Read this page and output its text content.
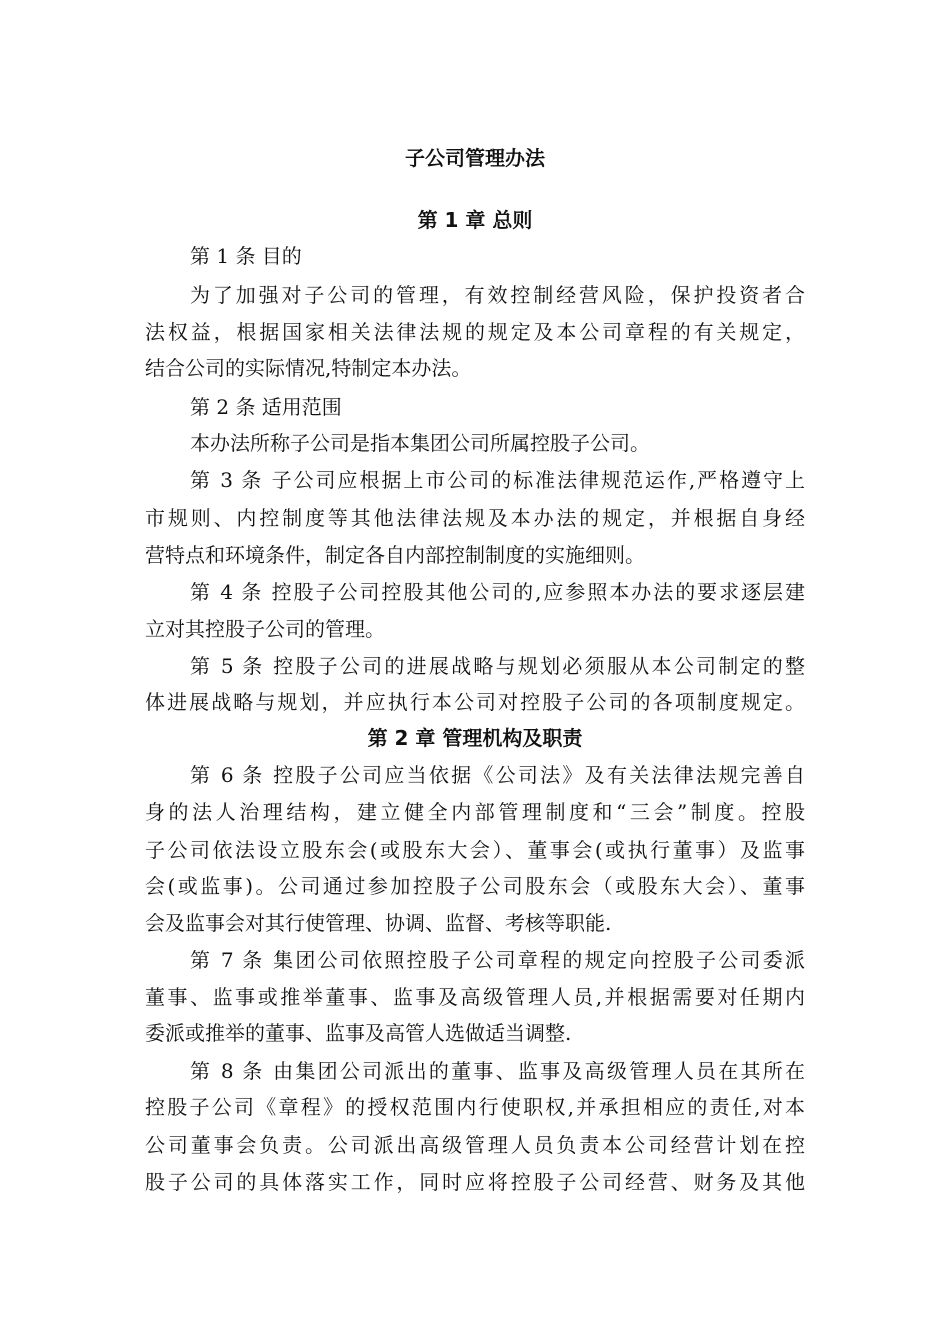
子公司管理办法
第 1 章 总则
第 1 条 目的
为了加强对子公司的管理，有效控制经营风险，保护投资者合
法权益，根据国家相关法律法规的规定及本公司章程的有关规定，
结合公司的实际情况,特制定本办法。
第 2 条 适用范围
本办法所称子公司是指本集团公司所属控股子公司。
第 3 条 子公司应根据上市公司的标准法律规范运作,严格遵守上
市规则、内控制度等其他法律法规及本办法的规定，并根据自身经
营特点和环境条件，制定各自内部控制制度的实施细则。
第 4 条 控股子公司控股其他公司的,应参照本办法的要求逐层建
立对其控股子公司的管理。
第 5 条 控股子公司的进展战略与规划必须服从本公司制定的整
体进展战略与规划，并应执行本公司对控股子公司的各项制度规定。
第 2 章 管理机构及职责
第 6 条 控股子公司应当依据《公司法》及有关法律法规完善自
身的法人治理结构，建立健全内部管理制度和“三会”制度。控股
子公司依法设立股东会(或股东大会）、董事会(或执行董事）及监事
会(或监事)。公司通过参加控股子公司股东会（或股东大会）、董事
会及监事会对其行使管理、协调、监督、考核等职能.
第 7 条 集团公司依照控股子公司章程的规定向控股子公司委派
董事、监事或推举董事、监事及高级管理人员,并根据需要对任期内
委派或推举的董事、监事及高管人选做适当调整.
第 8 条 由集团公司派出的董事、监事及高级管理人员在其所在
控股子公司《章程》的授权范围内行使职权,并承担相应的责任,对本
公司董事会负责。公司派出高级管理人员负责本公司经营计划在控
股子公司的具体落实工作，同时应将控股子公司经营、财务及其他
